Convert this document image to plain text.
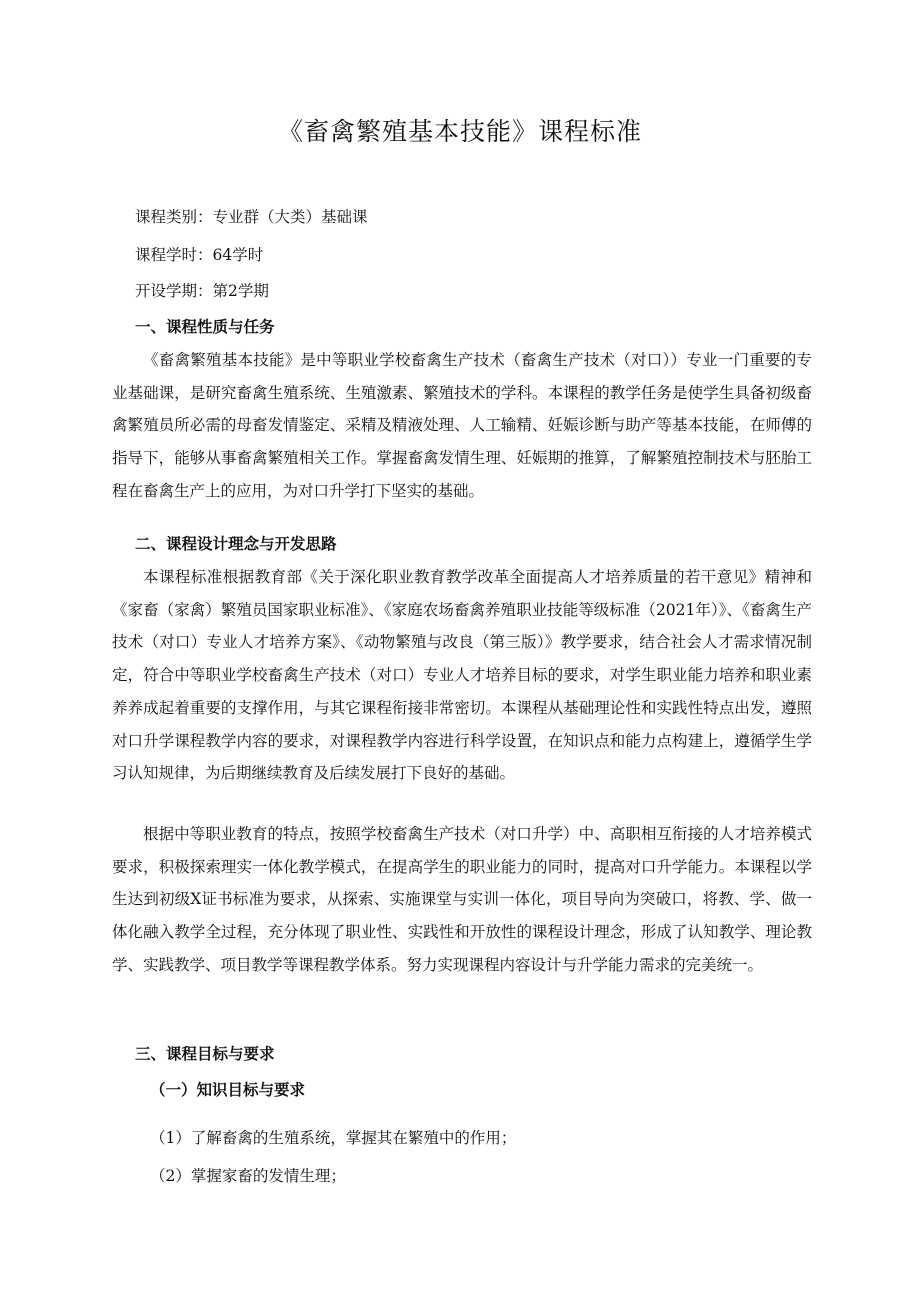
《畜禽繁殖基本技能》课程标准
课程类别：专业群（大类）基础课
课程学时：64学时
开设学期：第2学期
一、课程性质与任务
《畜禽繁殖基本技能》是中等职业学校畜禽生产技术（畜禽生产技术（对口））专业一门重要的专业基础课，是研究畜禽生殖系统、生殖激素、繁殖技术的学科。本课程的教学任务是使学生具备初级畜禽繁殖员所必需的母畜发情鉴定、采精及精液处理、人工输精、妊娠诊断与助产等基本技能，在师傅的指导下，能够从事畜禽繁殖相关工作。掌握畜禽发情生理、妊娠期的推算，了解繁殖控制技术与胚胎工程在畜禽生产上的应用，为对口升学打下坚实的基础。
二、课程设计理念与开发思路
本课程标准根据教育部《关于深化职业教育教学改革全面提高人才培养质量的若干意见》精神和《家畜（家禽）繁殖员国家职业标准》、《家庭农场畜禽养殖职业技能等级标准（2021年）》、《畜禽生产技术（对口）专业人才培养方案》、《动物繁殖与改良（第三版）》教学要求，结合社会人才需求情况制定，符合中等职业学校畜禽生产技术（对口）专业人才培养目标的要求，对学生职业能力培养和职业素养养成起着重要的支撑作用，与其它课程衔接非常密切。本课程从基础理论性和实践性特点出发，遵照对口升学课程教学内容的要求，对课程教学内容进行科学设置，在知识点和能力点构建上，遵循学生学习认知规律，为后期继续教育及后续发展打下良好的基础。
根据中等职业教育的特点，按照学校畜禽生产技术（对口升学）中、高职相互衔接的人才培养模式要求，积极探索理实一体化教学模式，在提高学生的职业能力的同时，提高对口升学能力。本课程以学生达到初级X证书标准为要求，从探索、实施课堂与实训一体化，项目导向为突破口，将教、学、做一体化融入教学全过程，充分体现了职业性、实践性和开放性的课程设计理念，形成了认知教学、理论教学、实践教学、项目教学等课程教学体系。努力实现课程内容设计与升学能力需求的完美统一。
三、课程目标与要求
（一）知识目标与要求
（1）了解畜禽的生殖系统，掌握其在繁殖中的作用；
（2）掌握家畜的发情生理；
